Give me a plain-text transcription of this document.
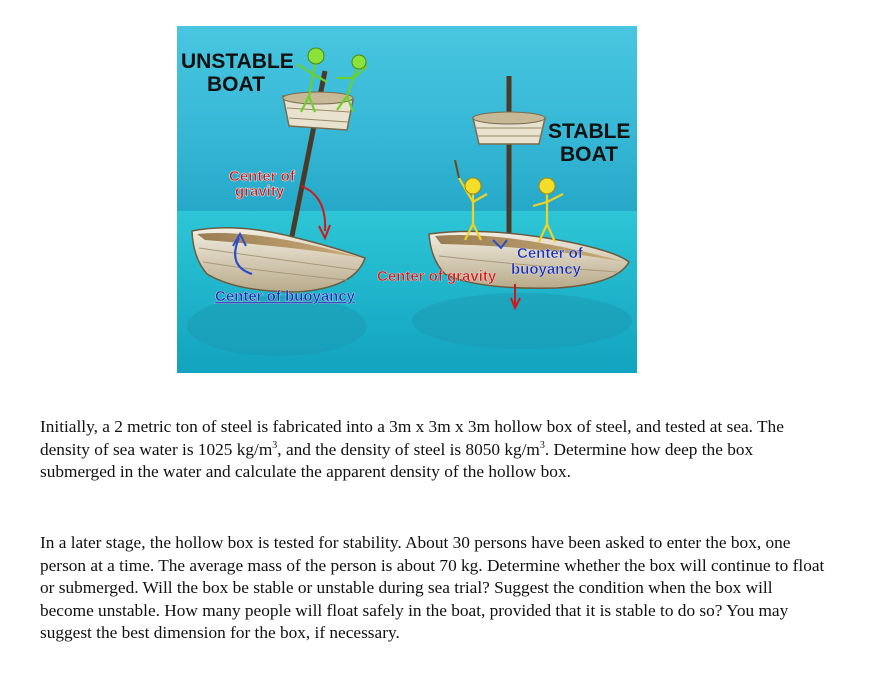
UNSTABLE
BOAT
STABLE
BOAT
Center of
gravity
Center of buoyancy
Center of gravity
Center of
buoyancy

Initially, a 2 metric ton of steel is fabricated into a 3m x 3m x 3m hollow box of steel, and tested at sea. The density of sea water is 1025 $kg/m^3$, and the density of steel is 8050 $kg/m^3$. Determine how deep the box submerged in the water and calculate the apparent density of the hollow box.

In a later stage, the hollow box is tested for stability. About 30 persons have been asked to enter the box, one person at a time. The average mass of the person is about 70 kg. Determine whether the box will continue to float or submerged. Will the box be stable or unstable during sea trial? Suggest the condition when the box will become unstable. How many people will float safely in the boat, provided that it is stable to do so? You may suggest the best dimension for the box, if necessary.
